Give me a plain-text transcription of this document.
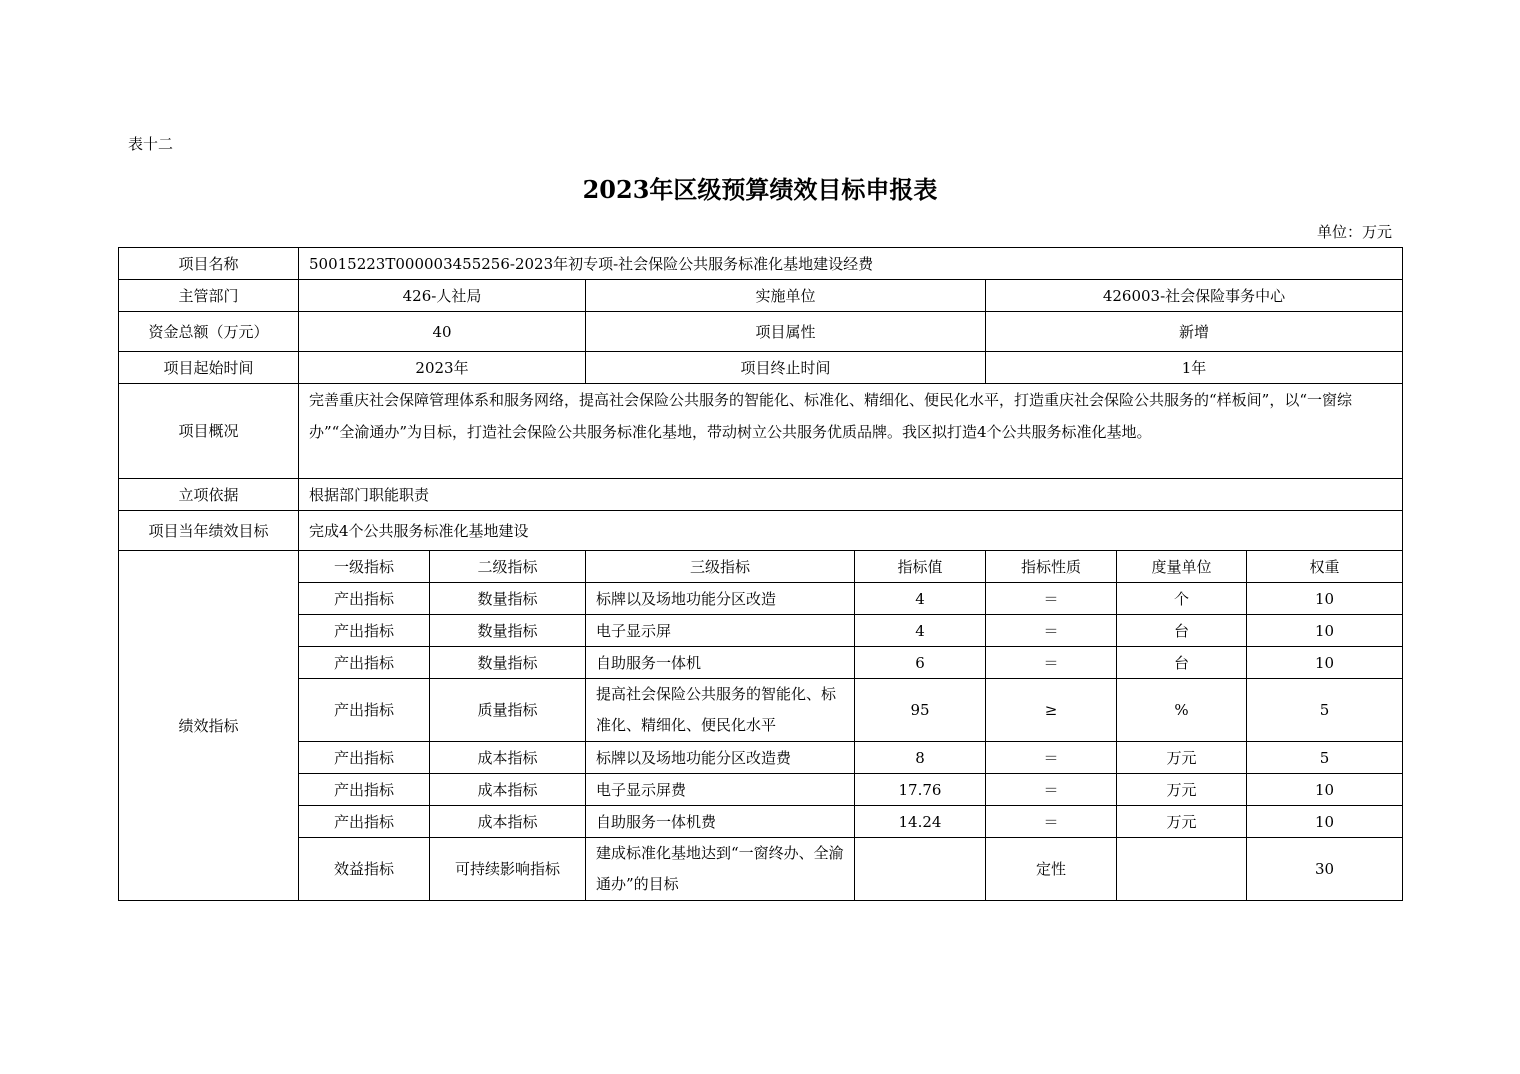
表十二
2023年区级预算绩效目标申报表
单位：万元
项目名称	50015223T000003455256-2023年初专项-社会保险公共服务标准化基地建设经费						
主管部门	426-人社局		实施单位		426003-社会保险事务中心		
资金总额（万元）	40		项目属性		新增		
项目起始时间	2023年		项目终止时间		1年		
项目概况	完善重庆社会保障管理体系和服务网络，提高社会保险公共服务的智能化、标准化、精细化、便民化水平，打造重庆社会保险公共服务的“样板间”，以“一窗综办”“全渝通办”为目标，打造社会保险公共服务标准化基地，带动树立公共服务优质品牌。我区拟打造4个公共服务标准化基地。						
立项依据	根据部门职能职责						
项目当年绩效目标	完成4个公共服务标准化基地建设						
绩效指标	一级指标	二级指标	三级指标	指标值	指标性质	度量单位	权重
	产出指标	数量指标	标牌以及场地功能分区改造	4	＝	个	10
	产出指标	数量指标	电子显示屏	4	＝	台	10
	产出指标	数量指标	自助服务一体机	6	＝	台	10
	产出指标	质量指标	提高社会保险公共服务的智能化、标准化、精细化、便民化水平	95	≥	%	5
	产出指标	成本指标	标牌以及场地功能分区改造费	8	＝	万元	5
	产出指标	成本指标	电子显示屏费	17.76	＝	万元	10
	产出指标	成本指标	自助服务一体机费	14.24	＝	万元	10
	效益指标	可持续影响指标	建成标准化基地达到“一窗终办、全渝通办”的目标		定性		30
